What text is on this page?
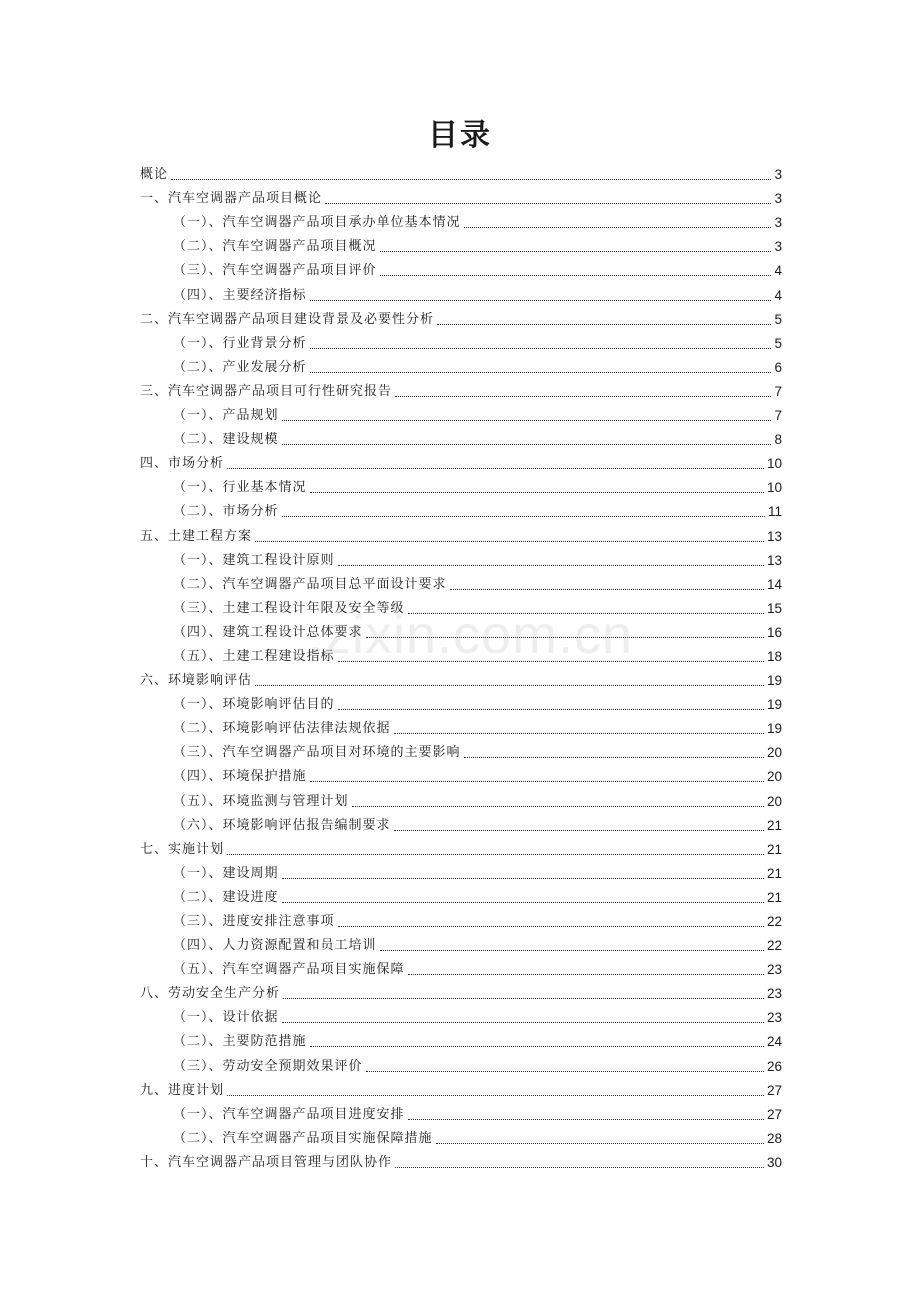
目录
概论	3
一、汽车空调器产品项目概论	3
（一）、汽车空调器产品项目承办单位基本情况	3
（二）、汽车空调器产品项目概况	3
（三）、汽车空调器产品项目评价	4
（四）、主要经济指标	4
二、汽车空调器产品项目建设背景及必要性分析	5
（一）、行业背景分析	5
（二）、产业发展分析	6
三、汽车空调器产品项目可行性研究报告	7
（一）、产品规划	7
（二）、建设规模	8
四、市场分析	10
（一）、行业基本情况	10
（二）、市场分析	11
五、土建工程方案	13
（一）、建筑工程设计原则	13
（二）、汽车空调器产品项目总平面设计要求	14
（三）、土建工程设计年限及安全等级	15
（四）、建筑工程设计总体要求	16
（五）、土建工程建设指标	18
六、环境影响评估	19
（一）、环境影响评估目的	19
（二）、环境影响评估法律法规依据	19
（三）、汽车空调器产品项目对环境的主要影响	20
（四）、环境保护措施	20
（五）、环境监测与管理计划	20
（六）、环境影响评估报告编制要求	21
七、实施计划	21
（一）、建设周期	21
（二）、建设进度	21
（三）、进度安排注意事项	22
（四）、人力资源配置和员工培训	22
（五）、汽车空调器产品项目实施保障	23
八、劳动安全生产分析	23
（一）、设计依据	23
（二）、主要防范措施	24
（三）、劳动安全预期效果评价	26
九、进度计划	27
（一）、汽车空调器产品项目进度安排	27
（二）、汽车空调器产品项目实施保障措施	28
十、汽车空调器产品项目管理与团队协作	30
.zixin.com.cn
